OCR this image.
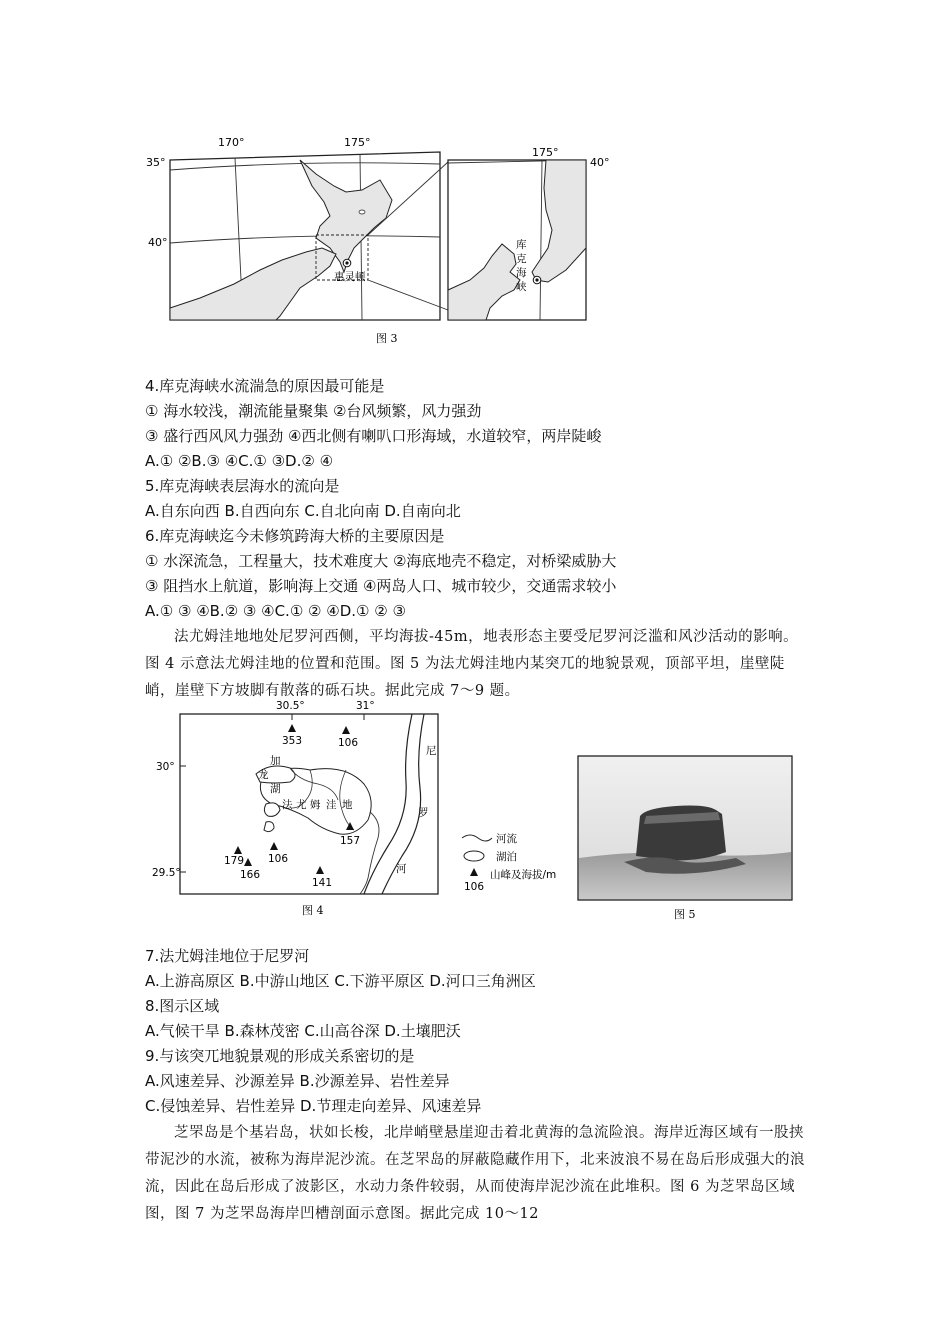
170°	175°
35°
40°
惠灵顿
175°
40°
库
克
海
峡
图 3
4.库克海峡水流湍急的原因最可能是
① 海水较浅，潮流能量聚集 ②台风频繁，风力强劲
③ 盛行西风风力强劲 ④西北侧有喇叭口形海域，水道较窄，两岸陡峻
A.① ②B.③ ④C.① ③D.② ④
5.库克海峡表层海水的流向是
A.自东向西 B.自西向东 C.自北向南 D.自南向北
6.库克海峡迄今未修筑跨海大桥的主要原因是
① 水深流急，工程量大，技术难度大 ②海底地壳不稳定，对桥梁威胁大
③ 阻挡水上航道，影响海上交通 ④两岛人口、城市较少，交通需求较小
A.① ③ ④B.② ③ ④C.① ② ④D.① ② ③
法尤姆洼地地处尼罗河西侧，平均海拔-45m，地表形态主要受尼罗河泛滥和风沙活动的影响。图 4 示意法尤姆洼地的位置和范围。图 5 为法尤姆洼地内某突兀的地貌景观，顶部平坦，崖壁陡峭，崖壁下方坡脚有散落的砾石块。据此完成 7～9 题。
353	106
157
179 106
166
141
30.5°	31°
30°
29.5°
加
龙
湖
法 尤 姆 洼 地
尼
罗
河
河流
湖泊
山峰及海拔/m
106
图 4	图 5
7.法尤姆洼地位于尼罗河
A.上游高原区 B.中游山地区 C.下游平原区 D.河口三角洲区
8.图示区域
A.气候干旱 B.森林茂密 C.山高谷深 D.土壤肥沃
9.与该突兀地貌景观的形成关系密切的是
A.风速差异、沙源差异 B.沙源差异、岩性差异
C.侵蚀差异、岩性差异 D.节理走向差异、风速差异
芝罘岛是个基岩岛，状如长梭，北岸峭壁悬崖迎击着北黄海的急流险浪。海岸近海区域有一股挟带泥沙的水流，被称为海岸泥沙流。在芝罘岛的屏蔽隐藏作用下，北来波浪不易在岛后形成强大的浪流，因此在岛后形成了波影区，水动力条件较弱，从而使海岸泥沙流在此堆积。图 6 为芝罘岛区域图，图 7 为芝罘岛海岸凹槽剖面示意图。据此完成 10～12
